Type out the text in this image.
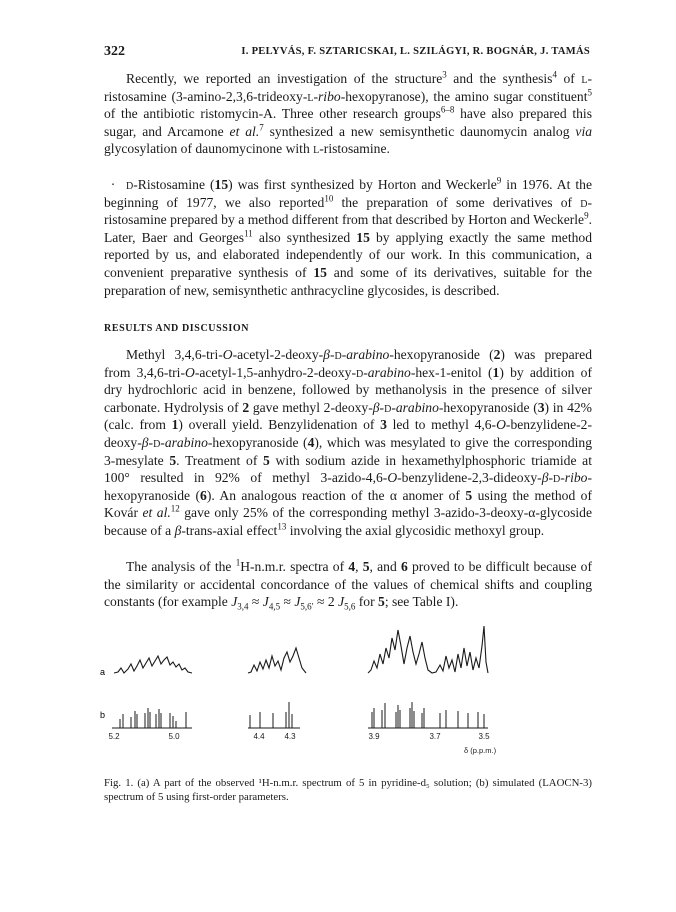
322	I. PELYVÁS, F. SZTARICSKAI, L. SZILÁGYI, R. BOGNÁR, J. TAMÁS
Recently, we reported an investigation of the structure$^3$ and the synthesis$^4$ of l-ristosamine (3-amino-2,3,6-trideoxy-l-ribo-hexopyranose), the amino sugar constituent$^5$ of the antibiotic ristomycin-A. Three other research groups$^{6-8}$ have also prepared this sugar, and Arcamone et al.$^7$ synthesized a new semisynthetic daunomycin analog via glycosylation of daunomycinone with l-ristosamine.
· d-Ristosamine (15) was first synthesized by Horton and Weckerle$^9$ in 1976. At the beginning of 1977, we also reported$^{10}$ the preparation of some derivatives of d-ristosamine prepared by a method different from that described by Horton and Weckerle$^9$. Later, Baer and Georges$^{11}$ also synthesized 15 by applying exactly the same method reported by us, and elaborated independently of our work. In this communication, a convenient preparative synthesis of 15 and some of its derivatives, suitable for the preparation of new, semisynthetic anthracycline glycosides, is described.
RESULTS AND DISCUSSION
Methyl 3,4,6-tri-O-acetyl-2-deoxy-β-d-arabino-hexopyranoside (2) was prepared from 3,4,6-tri-O-acetyl-1,5-anhydro-2-deoxy-d-arabino-hex-1-enitol (1) by addition of dry hydrochloric acid in benzene, followed by methanolysis in the presence of silver carbonate. Hydrolysis of 2 gave methyl 2-deoxy-β-d-arabino-hexopyranoside (3) in 42% (calc. from 1) overall yield. Benzylidenation of 3 led to methyl 4,6-O-benzylidene-2-deoxy-β-d-arabino-hexopyranoside (4), which was mesylated to give the corresponding 3-mesylate 5. Treatment of 5 with sodium azide in hexamethylphosphoric triamide at 100° resulted in 92% of methyl 3-azido-4,6-O-benzylidene-2,3-dideoxy-β-d-ribo-hexopyranoside (6). An analogous reaction of the α anomer of 5 using the method of Kovár et al.$^{12}$ gave only 25% of the corresponding methyl 3-azido-3-deoxy-α-glycoside because of a β-trans-axial effect$^{13}$ involving the axial glycosidic methoxyl group.
The analysis of the $^1$H-n.m.r. spectra of 4, 5, and 6 proved to be difficult because of the similarity or accidental concordance of the values of chemical shifts and coupling constants (for example $J_{3,4} \approx J_{4,5} \approx J_{5,6'} \approx 2$ $J_{5,6}$ for 5; see Table I).
a
b
5.2	5.0	4.4 4.3	3.9	3.7	3.5
δ (p.p.m.)
Fig. 1. (a) A part of the observed ¹H-n.m.r. spectrum of 5 in pyridine-d₅ solution; (b) simulated (LAOCN-3) spectrum of 5 using first-order parameters.
